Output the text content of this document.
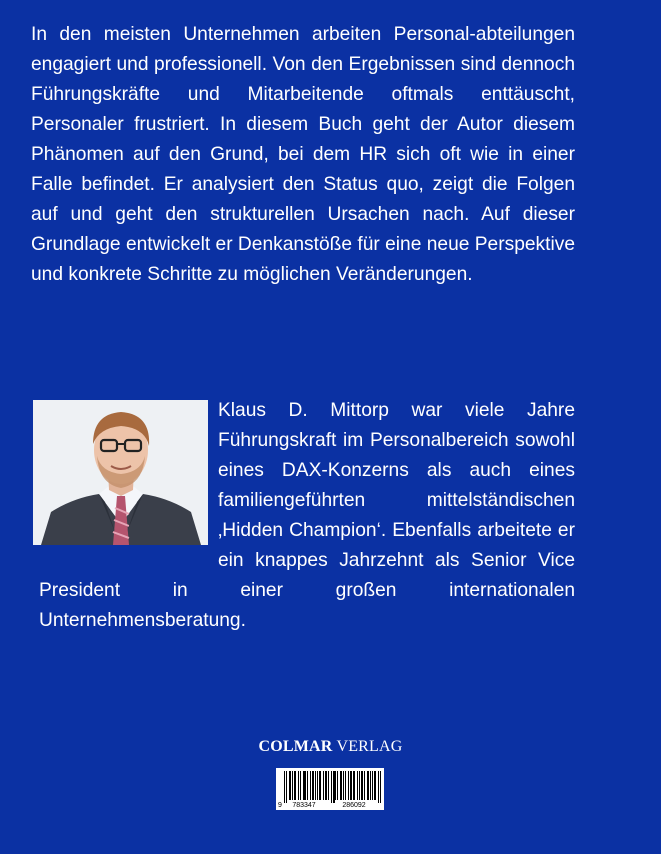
In den meisten Unternehmen arbeiten Personal-abteilungen engagiert und professionell. Von den Ergebnissen sind dennoch Führungskräfte und Mitarbeitende oftmals enttäuscht, Personaler frustriert. In diesem Buch geht der Autor diesem Phänomen auf den Grund, bei dem HR sich oft wie in einer Falle befindet. Er analysiert den Status quo, zeigt die Folgen auf und geht den strukturellen Ursachen nach. Auf dieser Grundlage entwickelt er Denkanstöße für eine neue Perspektive und konkrete Schritte zu möglichen Veränderungen.

Klaus D. Mittorp war viele Jahre Führungskraft im Personalbereich sowohl eines DAX-Konzerns als auch eines familiengeführten mittelständischen ‚Hidden Champion‘. Ebenfalls arbeitete er ein knappes Jahrzehnt als Senior Vice President in einer großen internationalen Unternehmensberatung.

COLMAR VERLAG
9 783347	286092
